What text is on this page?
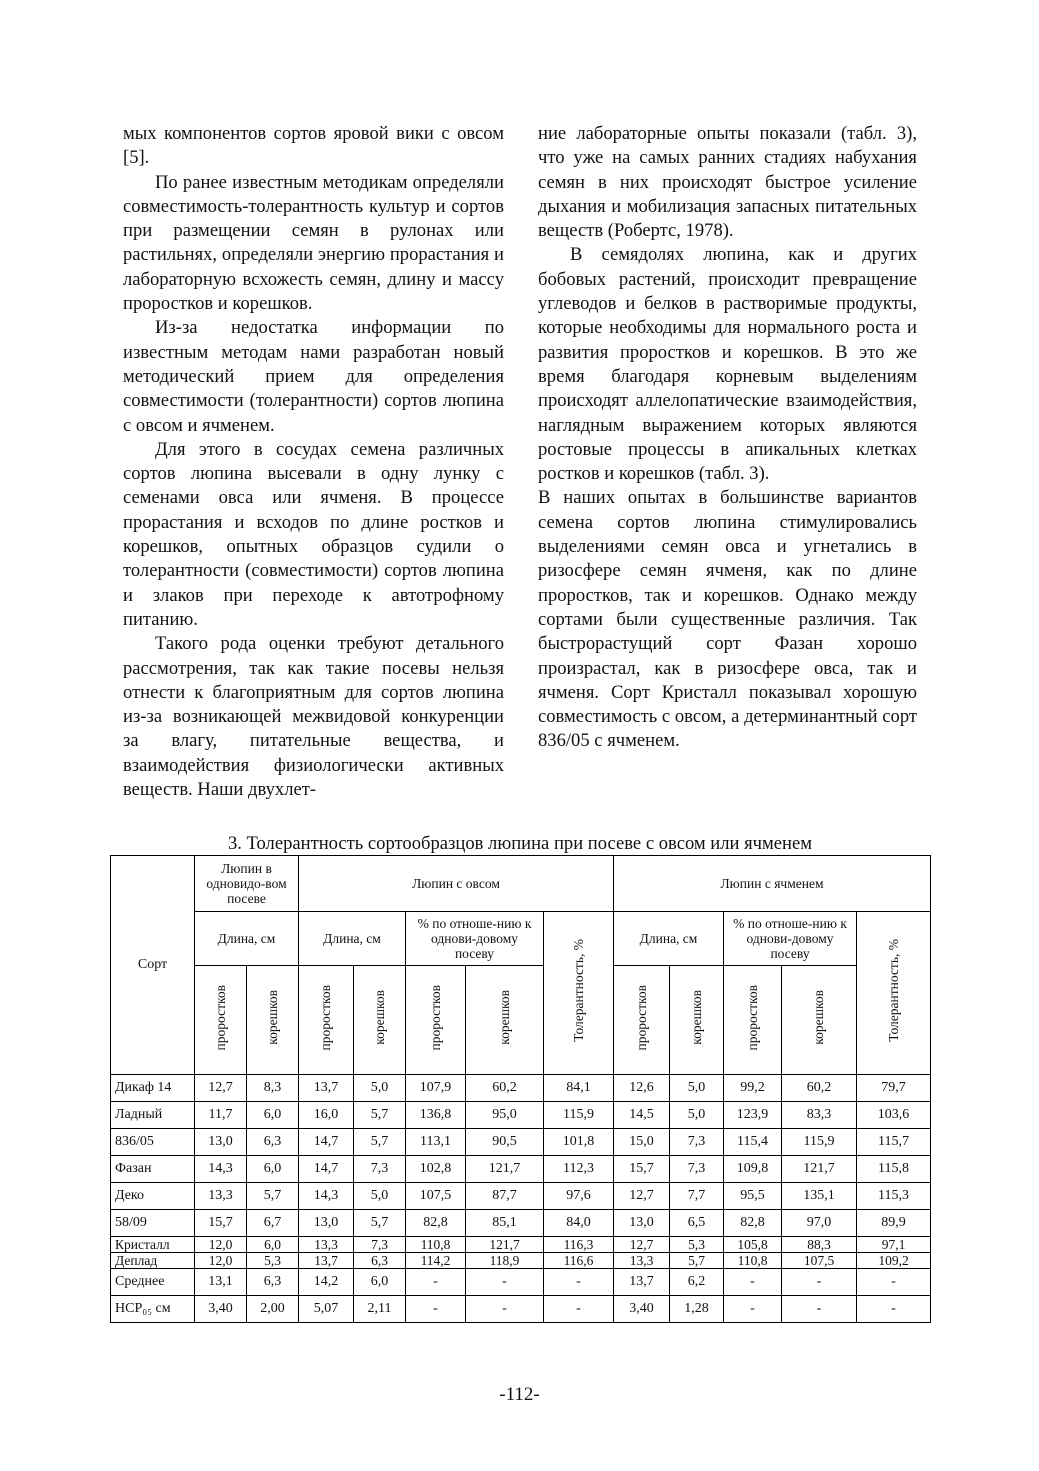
мых компонентов сортов яровой вики с овсом [5].

По ранее известным методикам определяли совместимость-толерантность культур и сортов при размещении семян в рулонах или растильнях, определяли энергию прорастания и лабораторную всхожесть семян, длину и массу проростков и корешков.

Из-за недостатка информации по известным методам нами разработан новый методический прием для определения совместимости (толерантности) сортов люпина с овсом и ячменем.

Для этого в сосудах семена различных сортов люпина высевали в одну лунку с семенами овса или ячменя. В процессе прорастания и всходов по длине ростков и корешков, опытных образцов судили о толерантности (совместимости) сортов люпина и злаков при переходе к автотрофному питанию.

Такого рода оценки требуют детального рассмотрения, так как такие посевы нельзя отнести к благоприятным для сортов люпина из-за возникающей межвидовой конкуренции за влагу, питательные вещества, и взаимодействия физиологически активных веществ. Наши двухлет-

ние лабораторные опыты показали (табл. 3), что уже на самых ранних стадиях набухания семян в них происходят быстрое усиление дыхания и мобилизация запасных питательных веществ (Робертс, 1978).

В семядолях люпина, как и других бобовых растений, происходит превращение углеводов и белков в растворимые продукты, которые необходимы для нормального роста и развития проростков и корешков. В это же время благодаря корневым выделениям происходят аллелопатические взаимодействия, наглядным выражением которых являются ростовые процессы в апикальных клетках ростков и корешков (табл. 3).

В наших опытах в большинстве вариантов семена сортов люпина стимулировались выделениями семян овса и угнетались в ризосфере семян ячменя, как по длине проростков, так и корешков. Однако между сортами были существенные различия. Так быстрорастущий сорт Фазан хорошо произрастал, как в ризосфере овса, так и ячменя. Сорт Кристалл показывал хорошую совместимость с овсом, а детерминантный сорт 836/05 с ячменем.

3. Толерантность сортообразцов люпина при посеве с овсом или ячменем
Сорт	Люпин в одновидо-вом посеве		Люпин с овсом					Люпин с ячменем				
	Длина, см		Длина, см		% по отноше-нию к однови-довому посеву		Толерантность, %	Длина, см		% по отноше-нию к однови-довому посеву		Толерантность, %
	проростков	корешков	проростков	корешков	проростков	корешков		проростков	корешков	проростков	корешков	
Дикаф 14	12,7	8,3	13,7	5,0	107,9	60,2	84,1	12,6	5,0	99,2	60,2	79,7
Ладный	11,7	6,0	16,0	5,7	136,8	95,0	115,9	14,5	5,0	123,9	83,3	103,6
836/05	13,0	6,3	14,7	5,7	113,1	90,5	101,8	15,0	7,3	115,4	115,9	115,7
Фазан	14,3	6,0	14,7	7,3	102,8	121,7	112,3	15,7	7,3	109,8	121,7	115,8
Деко	13,3	5,7	14,3	5,0	107,5	87,7	97,6	12,7	7,7	95,5	135,1	115,3
58/09	15,7	6,7	13,0	5,7	82,8	85,1	84,0	13,0	6,5	82,8	97,0	89,9
Кристалл	12,0	6,0	13,3	7,3	110,8	121,7	116,3	12,7	5,3	105,8	88,3	97,1
Деплад	12,0	5,3	13,7	6,3	114,2	118,9	116,6	13,3	5,7	110,8	107,5	109,2
Среднее	13,1	6,3	14,2	6,0	-	-	-	13,7	6,2	-	-	-
НСР₀₅ см	3,40	2,00	5,07	2,11	-	-	-	3,40	1,28	-	-	-
-112-
